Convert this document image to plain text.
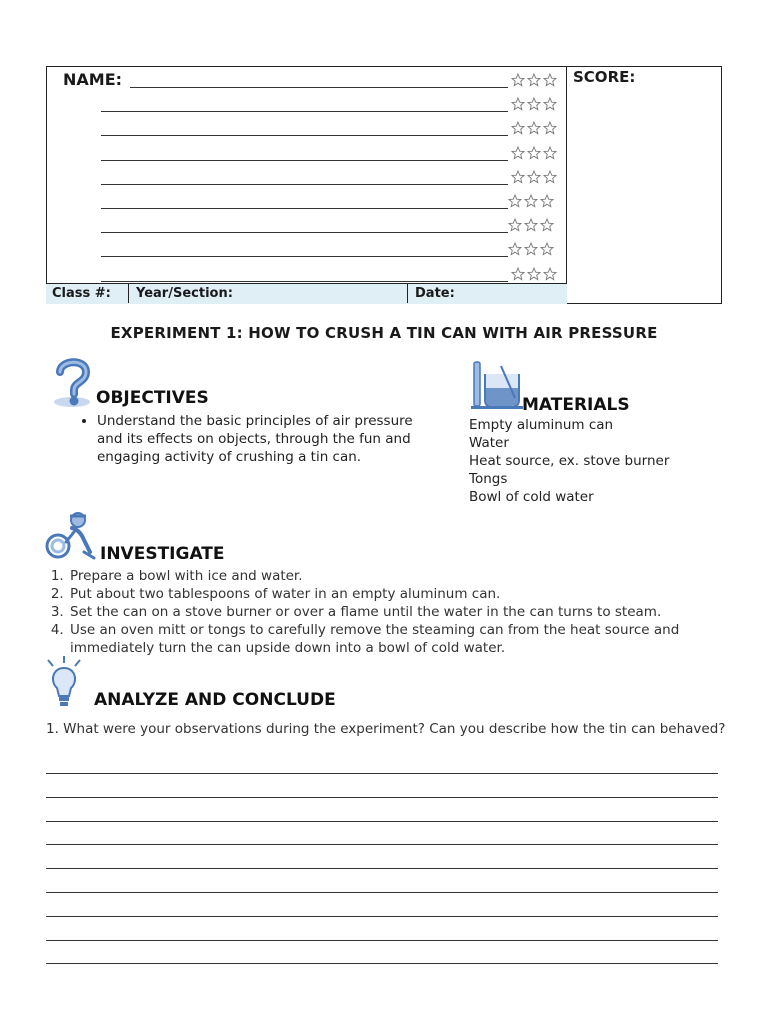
SCORE:
NAME:
Class #: Year/Section:	Date:
EXPERIMENT 1: HOW TO CRUSH A TIN CAN WITH AIR PRESSURE
OBJECTIVES
• Understand the basic principles of air pressure and its effects on objects, through the fun and engaging activity of crushing a tin can.
MATERIALS
Empty aluminum can
Water
Heat source, ex. stove burner
Tongs
Bowl of cold water
INVESTIGATE
1. Prepare a bowl with ice and water.
2. Put about two tablespoons of water in an empty aluminum can.
3. Set the can on a stove burner or over a flame until the water in the can turns to steam.
4. Use an oven mitt or tongs to carefully remove the steaming can from the heat source and immediately turn the can upside down into a bowl of cold water.
ANALYZE AND CONCLUDE
1. What were your observations during the experiment? Can you describe how the tin can behaved?
